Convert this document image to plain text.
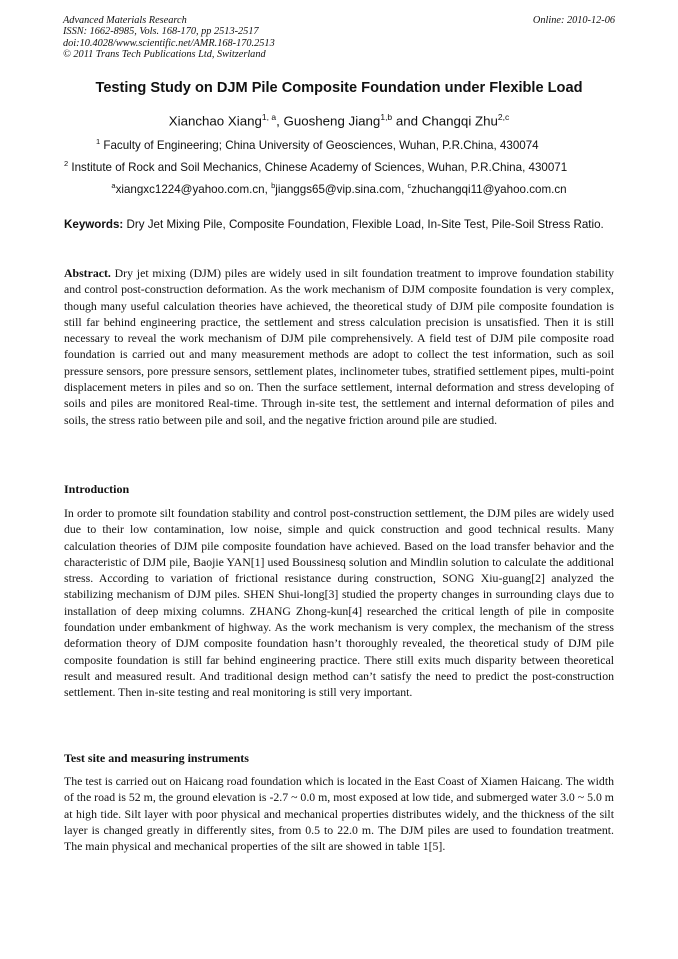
Advanced Materials Research
ISSN: 1662-8985, Vols. 168-170, pp 2513-2517
doi:10.4028/www.scientific.net/AMR.168-170.2513
© 2011 Trans Tech Publications Ltd, Switzerland
Online: 2010-12-06
Testing Study on DJM Pile Composite Foundation under Flexible Load
Xianchao Xiang$^{1, a}$, Guosheng Jiang$^{1,b}$ and Changqi Zhu$^{2,c}$
$^1$ Faculty of Engineering; China University of Geosciences, Wuhan, P.R.China, 430074
$^2$ Institute of Rock and Soil Mechanics, Chinese Academy of Sciences, Wuhan, P.R.China, 430071
$^a$xiangxc1224@yahoo.com.cn, $^b$jianggs65@vip.sina.com, $^c$zhuchangqi11@yahoo.com.cn
Keywords: Dry Jet Mixing Pile, Composite Foundation, Flexible Load, In-Site Test, Pile-Soil Stress Ratio.
Abstract. Dry jet mixing (DJM) piles are widely used in silt foundation treatment to improve foundation stability and control post-construction deformation. As the work mechanism of DJM composite foundation is very complex, though many useful calculation theories have achieved, the theoretical study of DJM pile composite foundation is still far behind engineering practice, the settlement and stress calculation precision is unsatisfied. Then it is still necessary to reveal the work mechanism of DJM pile comprehensively. A field test of DJM pile composite road foundation is carried out and many measurement methods are adopt to collect the test information, such as soil pressure sensors, pore pressure sensors, settlement plates, inclinometer tubes, stratified settlement pipes, multi-point displacement meters in piles and so on. Then the surface settlement, internal deformation and stress developing of soils and piles are monitored Real-time. Through in-site test, the settlement and internal deformation of piles and soils, the stress ratio between pile and soil, and the negative friction around pile are studied.
Introduction
In order to promote silt foundation stability and control post-construction settlement, the DJM piles are widely used due to their low contamination, low noise, simple and quick construction and good technical results. Many calculation theories of DJM pile composite foundation have achieved. Based on the load transfer behavior and the characteristic of DJM pile, Baojie YAN[1] used Boussinesq solution and Mindlin solution to calculate the additional stress. According to variation of frictional resistance during construction, SONG Xiu-guang[2] analyzed the stabilizing mechanism of DJM piles. SHEN Shui-long[3] studied the property changes in surrounding clays due to installation of deep mixing columns. ZHANG Zhong-kun[4] researched the critical length of pile in composite foundation under embankment of highway. As the work mechanism is very complex, the mechanism of the stress deformation theory of DJM composite foundation hasn’t thoroughly revealed, the theoretical study of DJM pile composite foundation is still far behind engineering practice. There still exits much disparity between theoretical result and measured result. And traditional design method can’t satisfy the need to predict the post-construction settlement. Then in-site testing and real monitoring is still very important.
Test site and measuring instruments
The test is carried out on Haicang road foundation which is located in the East Coast of Xiamen Haicang. The width of the road is 52 m, the ground elevation is -2.7 ~ 0.0 m, most exposed at low tide, and submerged water 3.0 ~ 5.0 m at high tide. Silt layer with poor physical and mechanical properties distributes widely, and the thickness of the silt layer is changed greatly in differently sites, from 0.5 to 22.0 m. The DJM piles are used to foundation treatment. The main physical and mechanical properties of the silt are showed in table 1[5].
